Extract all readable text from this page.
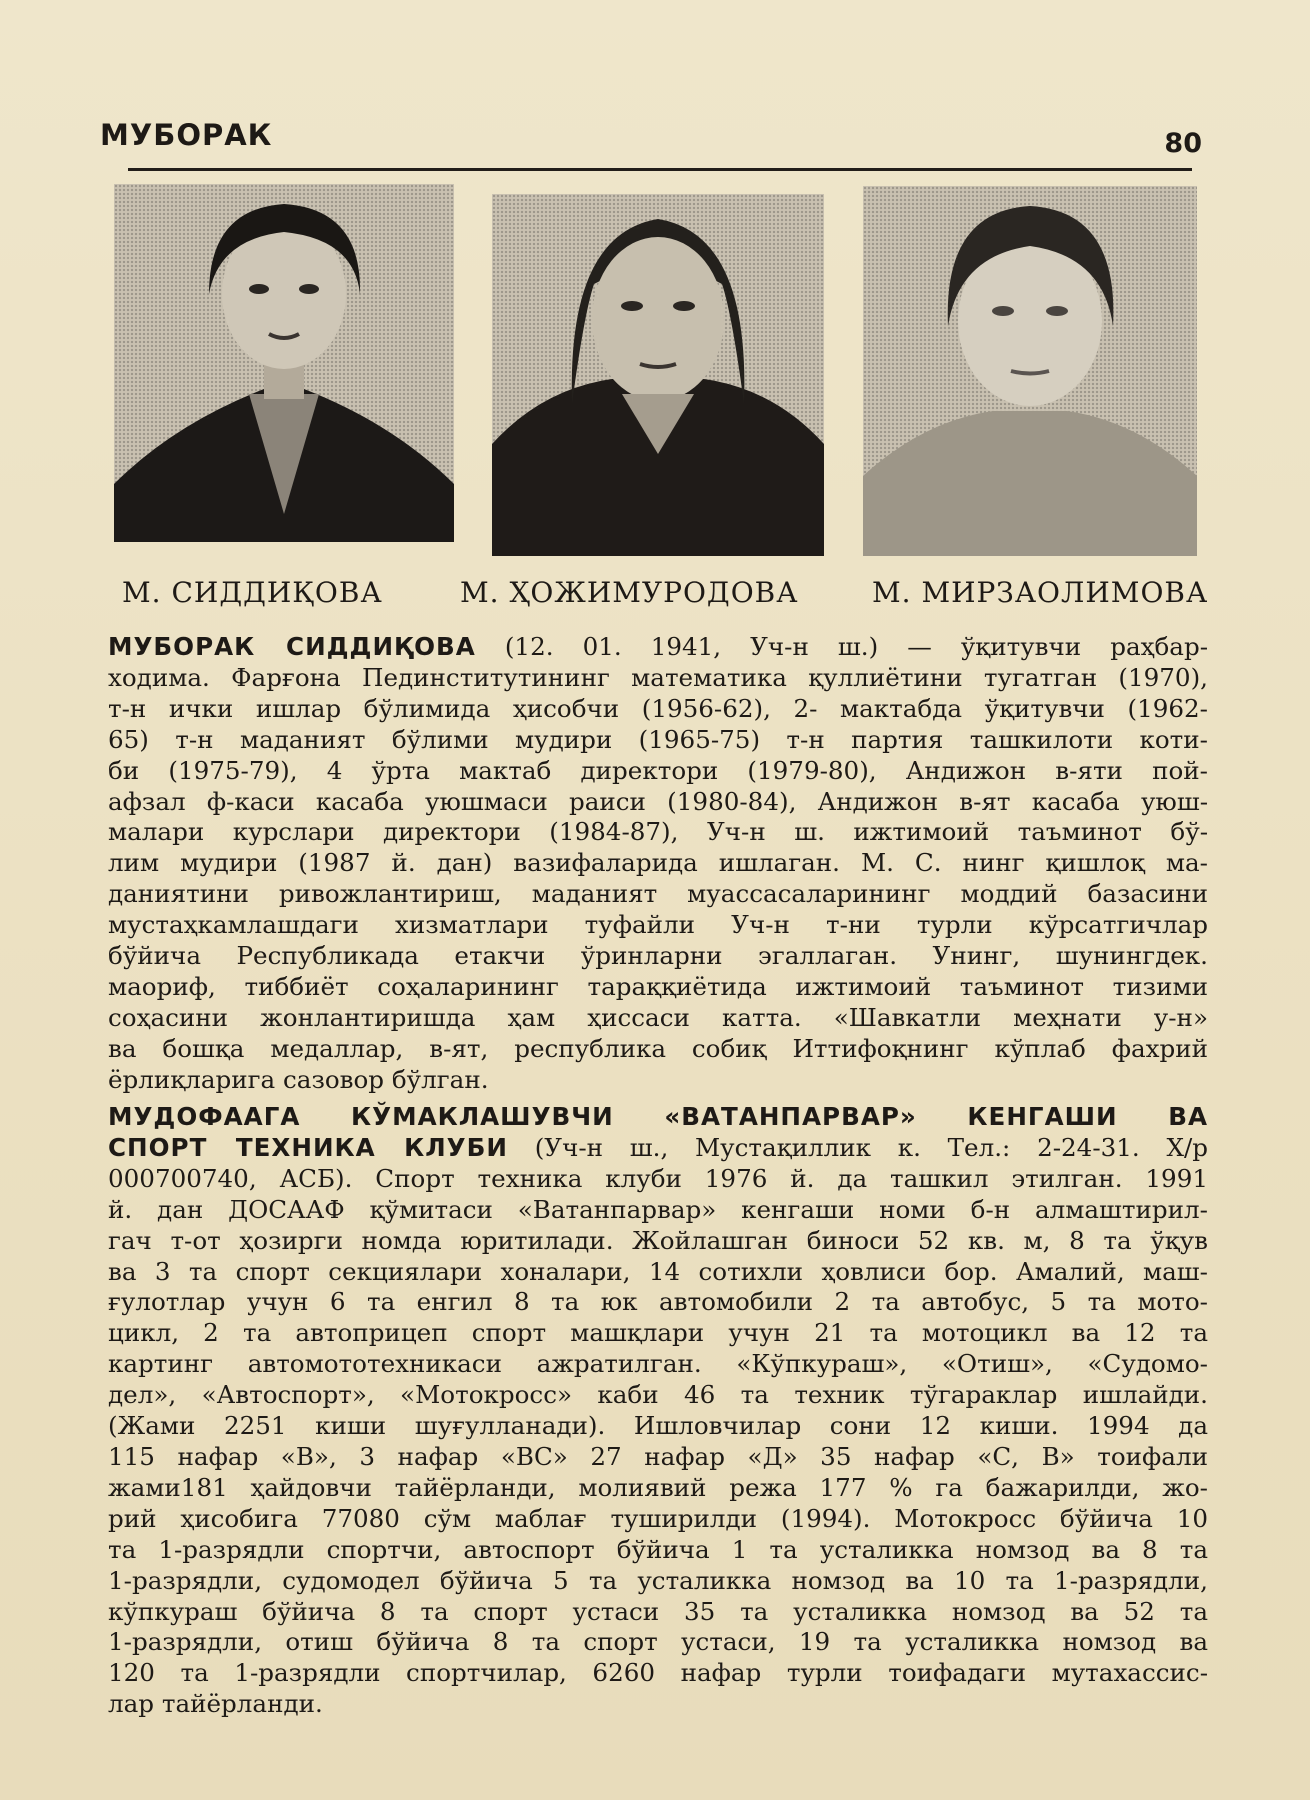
МУБОРАК	80
М. СИДДИҚОВА	М. ҲОЖИМУРОДОВА	М. МИРЗАОЛИМОВА
МУБОРАК СИДДИҚОВА (12. 01. 1941, Уч-н ш.) — ўқитувчи раҳбар-
ходима. Фарғона Пединститутининг математика қуллиётини тугатган (1970),
т-н ички ишлар бўлимида ҳисобчи (1956-62), 2- мактабда ўқитувчи (1962-
65) т-н маданият бўлими мудири (1965-75) т-н партия ташкилоти коти-
би (1975-79), 4 ўрта мактаб директори (1979-80), Андижон в-яти пой-
афзал ф-каси касаба уюшмаси раиси (1980-84), Андижон в-ят касаба уюш-
малари курслари директори (1984-87), Уч-н ш. ижтимоий таъминот бў-
лим мудири (1987 й. дан) вазифаларида ишлаган. М. С. нинг қишлоқ ма-
даниятини ривожлантириш, маданият муассасаларининг моддий базасини
мустаҳкамлашдаги хизматлари туфайли Уч-н т-ни турли кўрсатгичлар
бўйича Республикада етакчи ўринларни эгаллаган. Унинг, шунингдек.
маориф, тиббиёт соҳаларининг тараққиётида ижтимоий таъминот тизими
соҳасини жонлантиришда ҳам ҳиссаси катта. «Шавкатли меҳнати у-н»
ва бошқа медаллар, в-ят, республика собиқ Иттифоқнинг кўплаб фахрий
ёрлиқларига сазовор бўлган.
МУДОФААГА КЎМАКЛАШУВЧИ «ВАТАНПАРВАР» КЕНГАШИ ВА
СПОРТ ТЕХНИКА КЛУБИ (Уч-н ш., Мустақиллик к. Тел.: 2-24-31. Х/р
000700740, АСБ). Спорт техника клуби 1976 й. да ташкил этилган. 1991
й. дан ДОСААФ қўмитаси «Ватанпарвар» кенгаши номи б-н алмаштирил-
гач т-от ҳозирги номда юритилади. Жойлашган биноси 52 кв. м, 8 та ўқув
ва 3 та спорт секциялари хоналари, 14 сотихли ҳовлиси бор. Амалий, маш-
ғулотлар учун 6 та енгил 8 та юк автомобили 2 та автобус, 5 та мото-
цикл, 2 та автоприцеп спорт машқлари учун 21 та мотоцикл ва 12 та
картинг автомототехникаси ажратилган. «Кўпкураш», «Отиш», «Судомо-
дел», «Автоспорт», «Мотокросс» каби 46 та техник тўгараклар ишлайди.
(Жами 2251 киши шуғулланади). Ишловчилар сони 12 киши. 1994 да
115 нафар «В», 3 нафар «ВС» 27 нафар «Д» 35 нафар «С, В» тоифали
жами181 ҳайдовчи тайёрланди, молиявий режа 177 % га бажарилди, жо-
рий ҳисобига 77080 сўм маблағ туширилди (1994). Мотокросс бўйича 10
та 1-разрядли спортчи, автоспорт бўйича 1 та усталикка номзод ва 8 та
1-разрядли, судомодел бўйича 5 та усталикка номзод ва 10 та 1-разрядли,
кўпкураш бўйича 8 та спорт устаси 35 та усталикка номзод ва 52 та
1-разрядли, отиш бўйича 8 та спорт устаси, 19 та усталикка номзод ва
120 та 1-разрядли спортчилар, 6260 нафар турли тоифадаги мутахассис-
лар тайёрланди.
